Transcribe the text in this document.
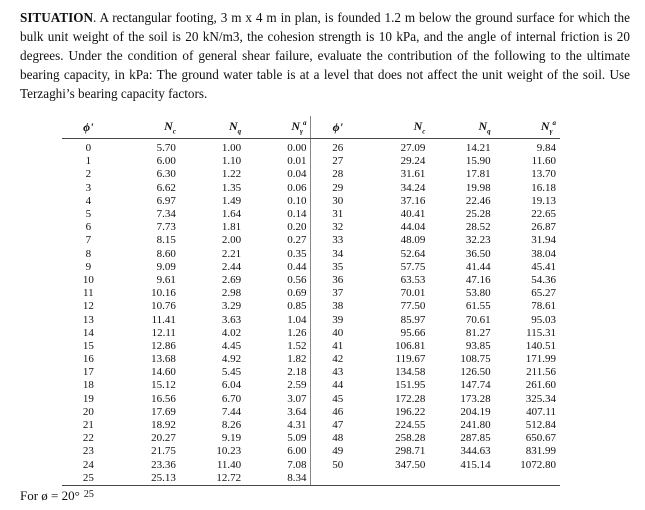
SITUATION. A rectangular footing, 3 m x 4 m in plan, is founded 1.2 m below the ground surface for which the bulk unit weight of the soil is 20 kN/m3, the cohesion strength is 10 kPa, and the angle of internal friction is 20 degrees. Under the condition of general shear failure, evaluate the contribution of the following to the ultimate bearing capacity, in kPa: The ground water table is at a level that does not affect the unit weight of the soil. Use Terzaghi’s bearing capacity factors.
ϕ'	$N_c$	$N_q$	$N_\gamma^a$	ϕ'	$N_c$	$N_q$	$N_\gamma^a$
0	5.70	1.00	0.00	26	27.09	14.21	9.84
1	6.00	1.10	0.01	27	29.24	15.90	11.60
2	6.30	1.22	0.04	28	31.61	17.81	13.70
3	6.62	1.35	0.06	29	34.24	19.98	16.18
4	6.97	1.49	0.10	30	37.16	22.46	19.13
5	7.34	1.64	0.14	31	40.41	25.28	22.65
6	7.73	1.81	0.20	32	44.04	28.52	26.87
7	8.15	2.00	0.27	33	48.09	32.23	31.94
8	8.60	2.21	0.35	34	52.64	36.50	38.04
9	9.09	2.44	0.44	35	57.75	41.44	45.41
10	9.61	2.69	0.56	36	63.53	47.16	54.36
11	10.16	2.98	0.69	37	70.01	53.80	65.27
12	10.76	3.29	0.85	38	77.50	61.55	78.61
13	11.41	3.63	1.04	39	85.97	70.61	95.03
14	12.11	4.02	1.26	40	95.66	81.27	115.31
15	12.86	4.45	1.52	41	106.81	93.85	140.51
16	13.68	4.92	1.82	42	119.67	108.75	171.99
17	14.60	5.45	2.18	43	134.58	126.50	211.56
18	15.12	6.04	2.59	44	151.95	147.74	261.60
19	16.56	6.70	3.07	45	172.28	173.28	325.34
20	17.69	7.44	3.64	46	196.22	204.19	407.11
21	18.92	8.26	4.31	47	224.55	241.80	512.84
22	20.27	9.19	5.09	48	258.28	287.85	650.67
23	21.75	10.23	6.00	49	298.71	344.63	831.99
24	23.36	11.40	7.08	50	347.50	415.14	1072.80
25	25.13	12.72	8.34				
For ø = 20° $^{25}$
